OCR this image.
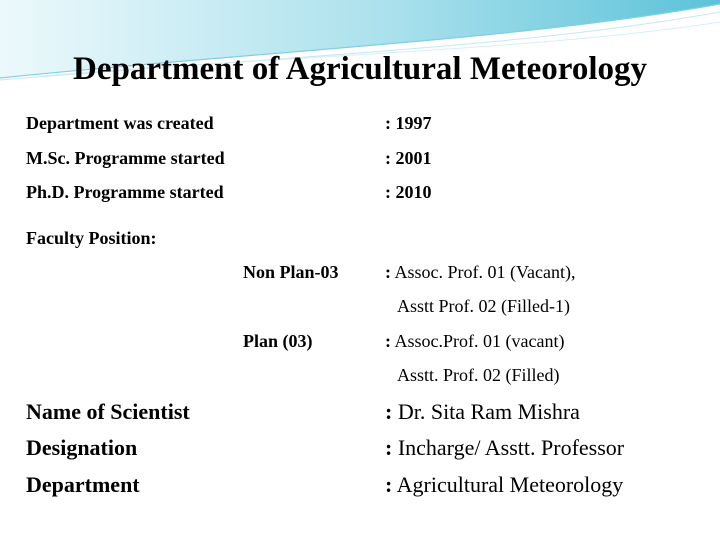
Department of Agricultural Meteorology
Department was created	: 1997
M.Sc. Programme started	: 2001
Ph.D. Programme started	: 2010
Faculty Position:
Non Plan-03	: Assoc. Prof. 01 (Vacant),
Asstt Prof. 02 (Filled-1)
Plan (03)	: Assoc.Prof. 01 (vacant)
Asstt. Prof. 02 (Filled)
Name of Scientist	: Dr. Sita Ram Mishra
Designation	: Incharge/ Asstt. Professor
Department	: Agricultural Meteorology
